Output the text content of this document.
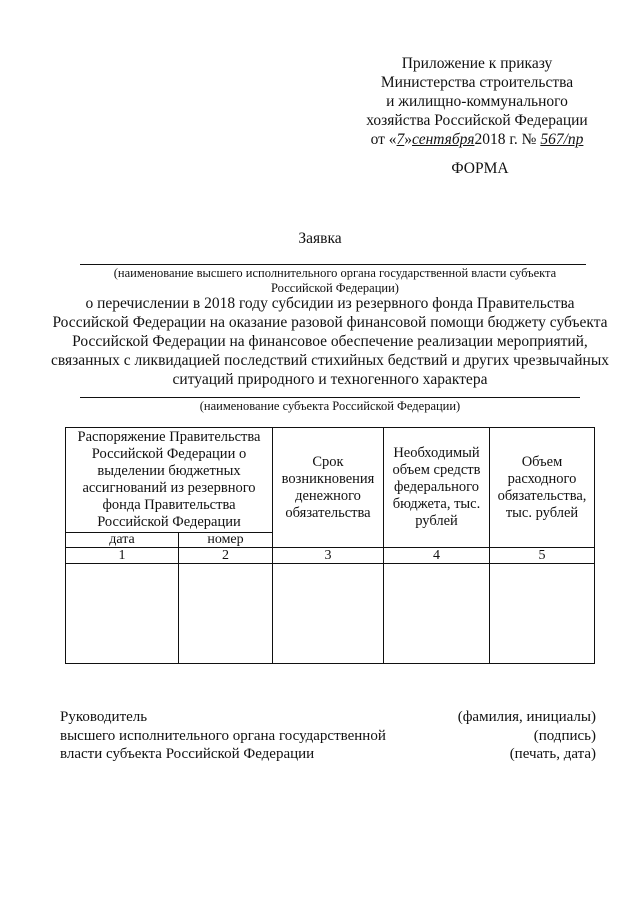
Приложение к приказу
Министерства строительства
и жилищно-коммунального
хозяйства Российской Федерации
от «7»сентября2018 г. № 567/пр
ФОРМА
Заявка
(наименование высшего исполнительного органа государственной власти субъекта Российской Федерации)
о перечислении в 2018 году субсидии из резервного фонда Правительства
Российской Федерации на оказание разовой финансовой помощи бюджету субъекта
Российской Федерации на финансовое обеспечение реализации мероприятий,
связанных с ликвидацией последствий стихийных бедствий и других чрезвычайных
ситуаций природного и техногенного характера
(наименование субъекта Российской Федерации)
Распоряжение Правительства Российской Федерации о выделении бюджетных ассигнований из резервного фонда Правительства Российской Федерации		Срок возникновения денежного обязательства	Необходимый объем средств федерального бюджета, тыс. рублей	Объем расходного обязательства, тыс. рублей
дата	номер			
1	2	3	4	5

Руководитель
высшего исполнительного органа государственной
власти субъекта Российской Федерации
(фамилия, инициалы)
(подпись)
(печать, дата)
